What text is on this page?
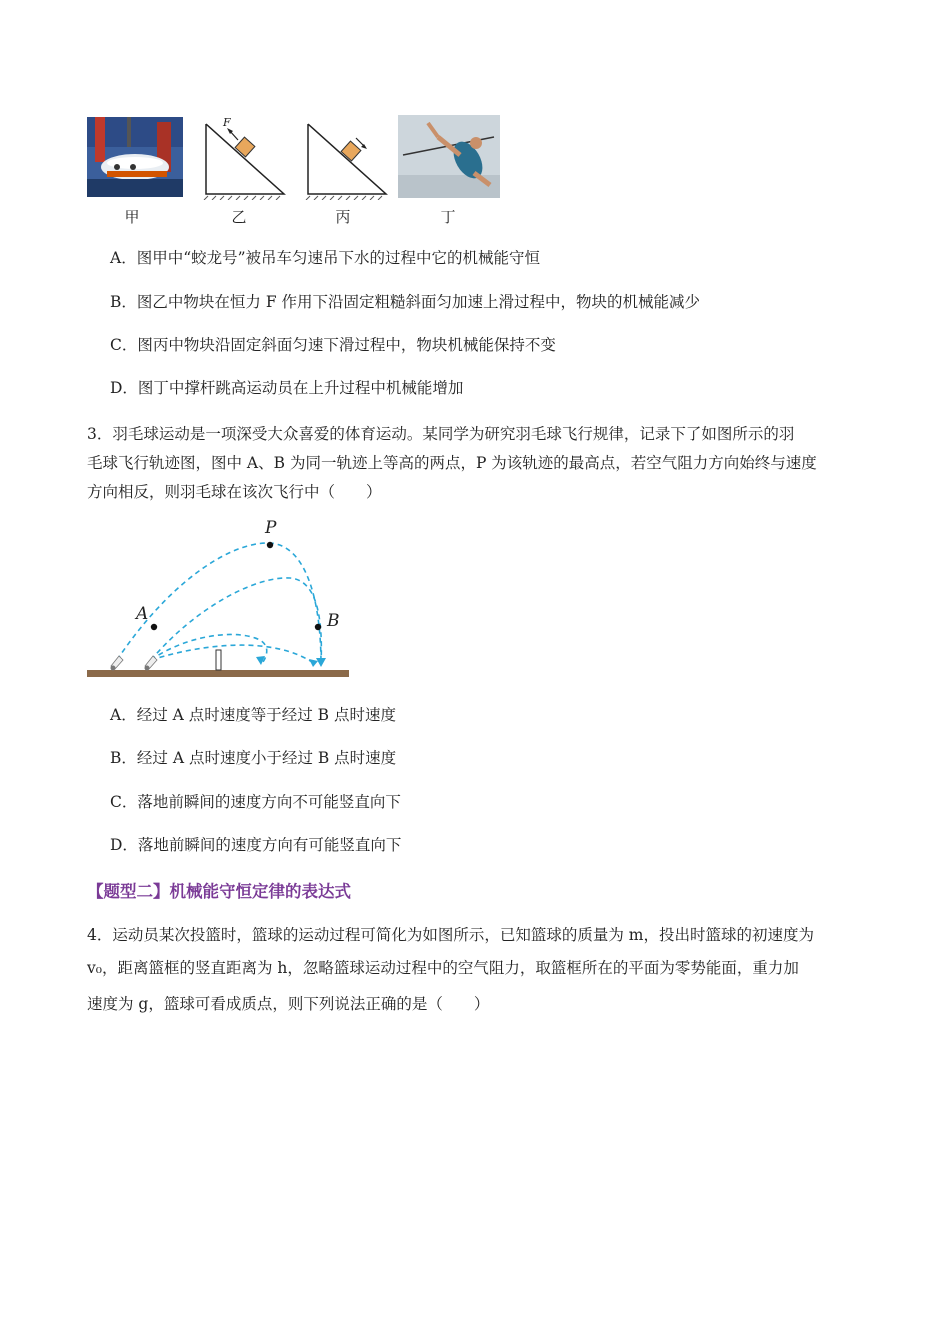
F
甲	乙	丙	丁
A．图甲中“蛟龙号”被吊车匀速吊下水的过程中它的机械能守恒
B．图乙中物块在恒力 F 作用下沿固定粗糙斜面匀加速上滑过程中，物块的机械能减少
C．图丙中物块沿固定斜面匀速下滑过程中，物块机械能保持不变
D．图丁中撑杆跳高运动员在上升过程中机械能增加
3．羽毛球运动是一项深受大众喜爱的体育运动。某同学为研究羽毛球飞行规律，记录下了如图所示的羽
毛球飞行轨迹图，图中 A、B 为同一轨迹上等高的两点，P 为该轨迹的最高点，若空气阻力方向始终与速度
方向相反，则羽毛球在该次飞行中（　　）
A
P
B
A．经过 A 点时速度等于经过 B 点时速度
B．经过 A 点时速度小于经过 B 点时速度
C．落地前瞬间的速度方向不可能竖直向下
D．落地前瞬间的速度方向有可能竖直向下
【题型二】机械能守恒定律的表达式
4．运动员某次投篮时，篮球的运动过程可简化为如图所示，已知篮球的质量为 m，投出时篮球的初速度为
v₀，距离篮框的竖直距离为 h，忽略篮球运动过程中的空气阻力，取篮框所在的平面为零势能面，重力加
速度为 g，篮球可看成质点，则下列说法正确的是（　　）
